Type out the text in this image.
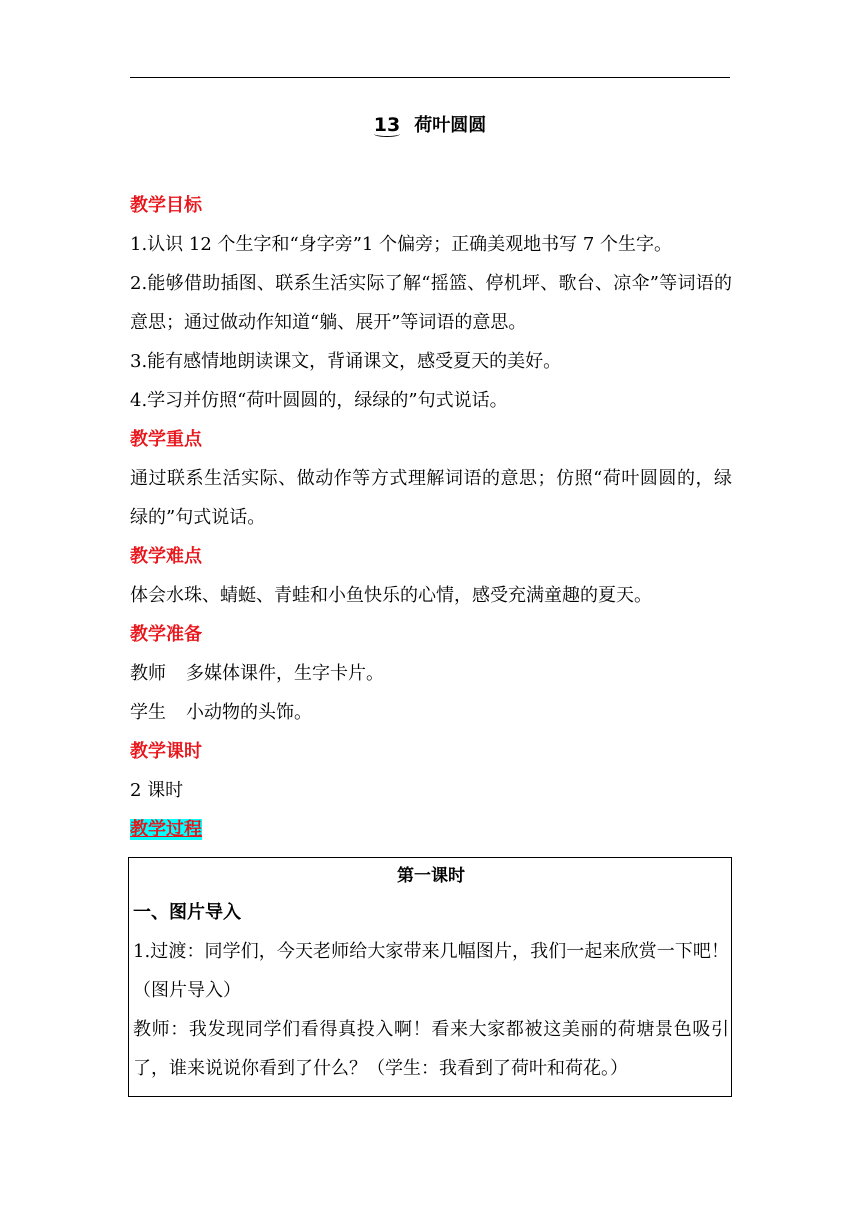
13 荷叶圆圆

教学目标

1.认识 12 个生字和“身字旁”1 个偏旁；正确美观地书写 7 个生字。

2.能够借助插图、联系生活实际了解“摇篮、停机坪、歌台、凉伞”等词语的意思；通过做动作知道“躺、展开”等词语的意思。

3.能有感情地朗读课文，背诵课文，感受夏天的美好。

4.学习并仿照“荷叶圆圆的，绿绿的”句式说话。

教学重点

通过联系生活实际、做动作等方式理解词语的意思；仿照“荷叶圆圆的，绿绿的”句式说话。

教学难点

体会水珠、蜻蜓、青蛙和小鱼快乐的心情，感受充满童趣的夏天。

教学准备

教师 多媒体课件，生字卡片。

学生 小动物的头饰。

教学课时

2 课时

教学过程

第一课时

一、图片导入

1.过渡：同学们，今天老师给大家带来几幅图片，我们一起来欣赏一下吧！（图片导入）

教师：我发现同学们看得真投入啊！看来大家都被这美丽的荷塘景色吸引了，谁来说说你看到了什么？（学生：我看到了荷叶和荷花。）
